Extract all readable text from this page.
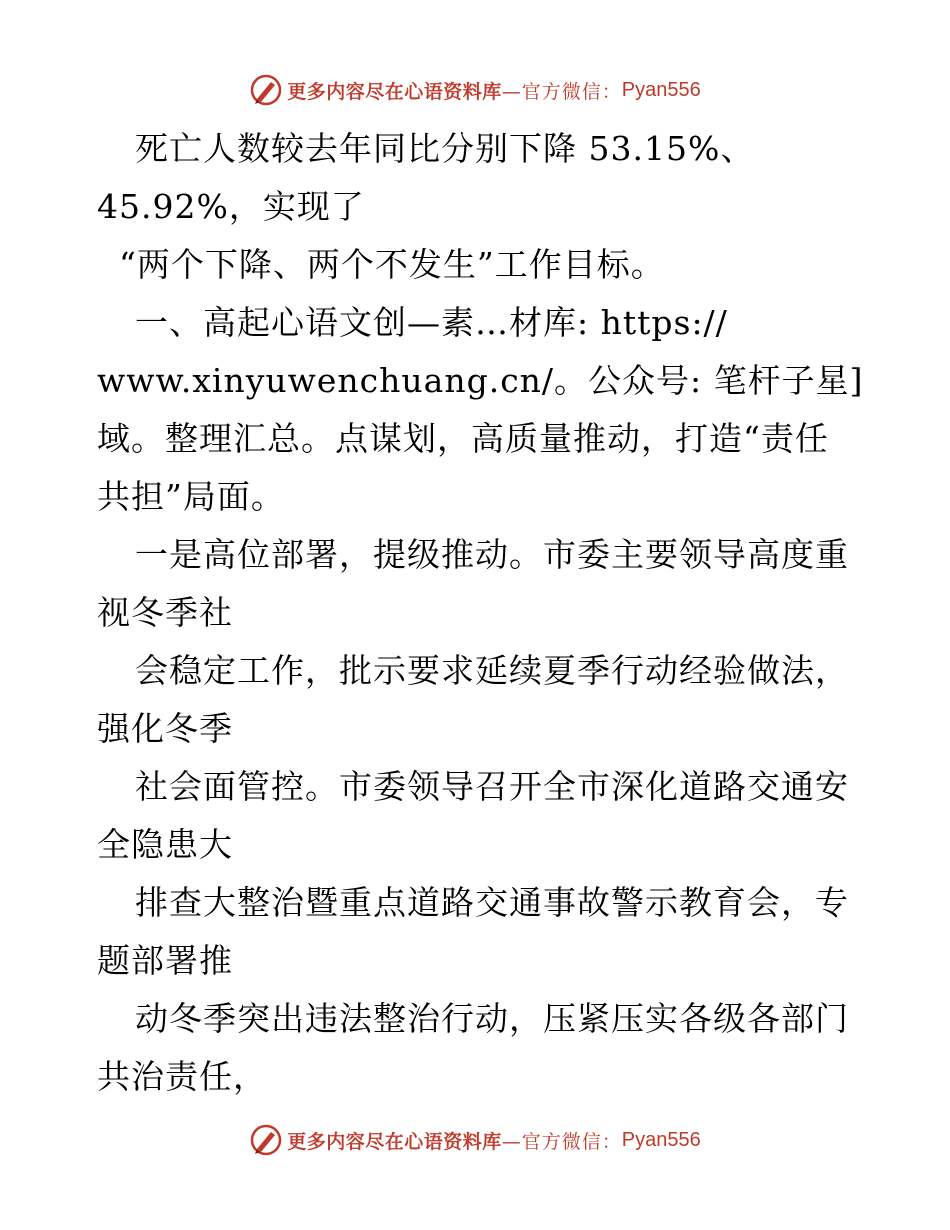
更多内容尽在心语资料库 —官方微信： Pyan556
死亡人数较去年同比分别下降 53.15%、
45.92%，实现了
“两个下降、两个不发生”工作目标。
一、高起心语文创—素…材库: https://
www.xinyuwenchuang.cn/。公众号: 笔杆子星]
域。整理汇总。点谋划，高质量推动，打造“责任
共担”局面。
一是高位部署，提级推动。市委主要领导高度重
视冬季社
会稳定工作，批示要求延续夏季行动经验做法，
强化冬季
社会面管控。市委领导召开全市深化道路交通安
全隐患大
排查大整治暨重点道路交通事故警示教育会，专
题部署推
动冬季突出违法整治行动，压紧压实各级各部门
共治责任，
更多内容尽在心语资料库 —官方微信： Pyan556
